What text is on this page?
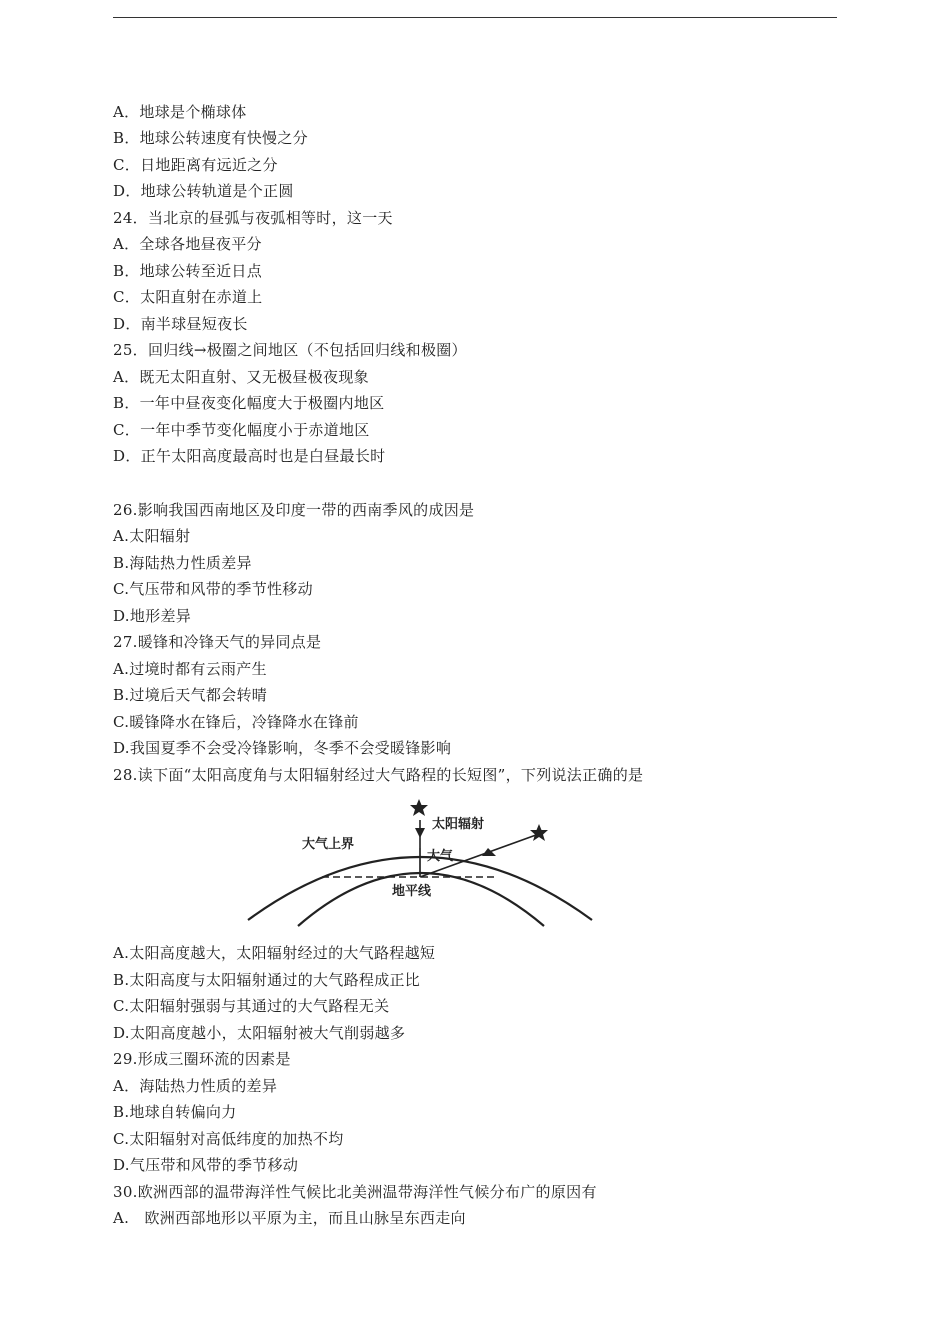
A．地球是个椭球体
B．地球公转速度有快慢之分
C．日地距离有远近之分
D．地球公转轨道是个正圆
24．当北京的昼弧与夜弧相等时，这一天
A．全球各地昼夜平分
B．地球公转至近日点
C．太阳直射在赤道上
D．南半球昼短夜长
25．回归线→极圈之间地区（不包括回归线和极圈）
A．既无太阳直射、又无极昼极夜现象
B．一年中昼夜变化幅度大于极圈内地区
C．一年中季节变化幅度小于赤道地区
D．正午太阳高度最高时也是白昼最长时
26.影响我国西南地区及印度一带的西南季风的成因是
A.太阳辐射
B.海陆热力性质差异
C.气压带和风带的季节性移动
D.地形差异
27.暖锋和冷锋天气的异同点是
A.过境时都有云雨产生
B.过境后天气都会转晴
C.暖锋降水在锋后，冷锋降水在锋前
D.我国夏季不会受冷锋影响，冬季不会受暖锋影响
28.读下面“太阳高度角与太阳辐射经过大气路程的长短图”，下列说法正确的是
A.太阳高度越大，太阳辐射经过的大气路程越短
B.太阳高度与太阳辐射通过的大气路程成正比
C.太阳辐射强弱与其通过的大气路程无关
D.太阳高度越小，太阳辐射被大气削弱越多
29.形成三圈环流的因素是
A．海陆热力性质的差异
B.地球自转偏向力
C.太阳辐射对高低纬度的加热不均
D.气压带和风带的季节移动
30.欧洲西部的温带海洋性气候比北美洲温带海洋性气候分布广的原因有
A.　欧洲西部地形以平原为主，而且山脉呈东西走向
大气上界
太阳辐射
大气
地平线
